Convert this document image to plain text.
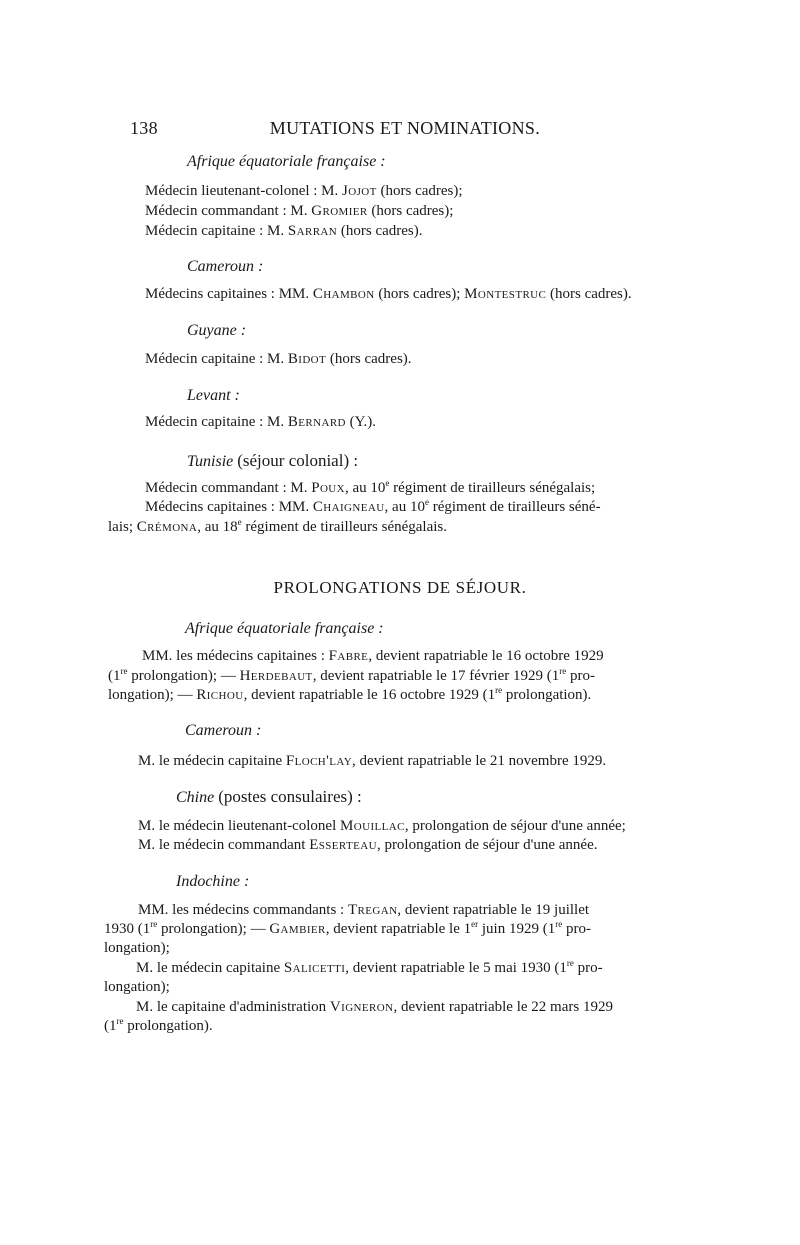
138	MUTATIONS ET NOMINATIONS.
Afrique équatoriale française :
Médecin lieutenant-colonel : M. Jojot (hors cadres);
Médecin commandant : M. Gromier (hors cadres);
Médecin capitaine : M. Sarran (hors cadres).
Cameroun :
Médecins capitaines : MM. Chambon (hors cadres); Montestruc (hors cadres).
Guyane :
Médecin capitaine : M. Bidot (hors cadres).
Levant :
Médecin capitaine : M. Bernard (Y.).
Tunisie (séjour colonial) :
Médecin commandant : M. Poux, au 10e régiment de tirailleurs sénégalais;
Médecins capitaines : MM. Chaigneau, au 10e régiment de tirailleurs séné-
lais; Crémona, au 18e régiment de tirailleurs sénégalais.
PROLONGATIONS DE SÉJOUR.
Afrique équatoriale française :
MM. les médecins capitaines : Fabre, devient rapatriable le 16 octobre 1929
(1re prolongation); — Herdebaut, devient rapatriable le 17 février 1929 (1re pro-
longation); — Richou, devient rapatriable le 16 octobre 1929 (1re prolongation).
Cameroun :
M. le médecin capitaine Floch'lay, devient rapatriable le 21 novembre 1929.
Chine (postes consulaires) :
M. le médecin lieutenant-colonel Mouillac, prolongation de séjour d'une année;
M. le médecin commandant Esserteau, prolongation de séjour d'une année.
Indochine :
MM. les médecins commandants : Tregan, devient rapatriable le 19 juillet
1930 (1re prolongation); — Gambier, devient rapatriable le 1er juin 1929 (1re pro-
longation);
M. le médecin capitaine Salicetti, devient rapatriable le 5 mai 1930 (1re pro-
longation);
M. le capitaine d'administration Vigneron, devient rapatriable le 22 mars 1929
(1re prolongation).
